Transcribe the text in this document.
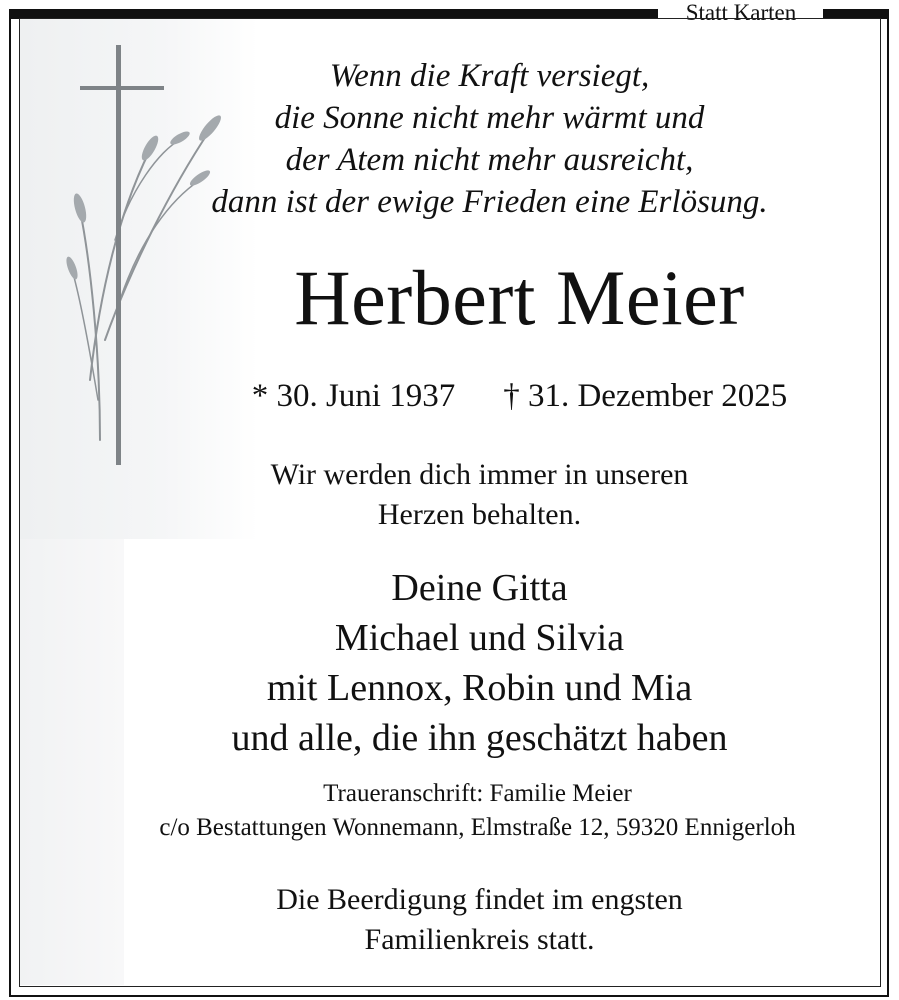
Statt Karten
Wenn die Kraft versiegt,
die Sonne nicht mehr wärmt und
der Atem nicht mehr ausreicht,
dann ist der ewige Frieden eine Erlösung.
Herbert Meier
* 30. Juni 1937 † 31. Dezember 2025
Wir werden dich immer in unseren
Herzen behalten.
Deine Gitta
Michael und Silvia
mit Lennox, Robin und Mia
und alle, die ihn geschätzt haben
Traueranschrift: Familie Meier
c/o Bestattungen Wonnemann, Elmstraße 12, 59320 Ennigerloh
Die Beerdigung findet im engsten
Familienkreis statt.
